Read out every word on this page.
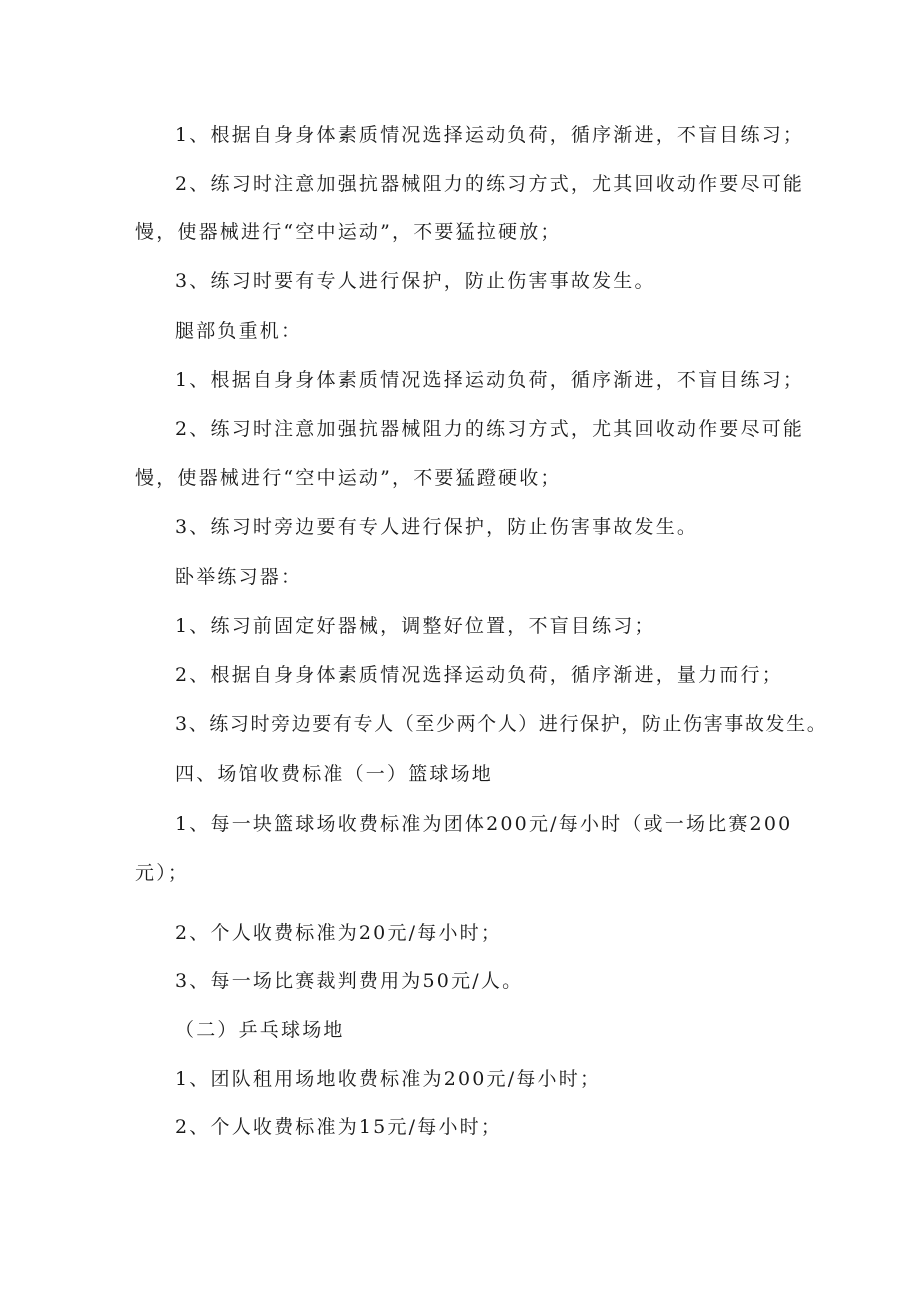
1、根据自身身体素质情况选择运动负荷，循序渐进，不盲目练习；
2、练习时注意加强抗器械阻力的练习方式，尤其回收动作要尽可能
慢，使器械进行“空中运动”，不要猛拉硬放；
3、练习时要有专人进行保护，防止伤害事故发生。
腿部负重机：
1、根据自身身体素质情况选择运动负荷，循序渐进，不盲目练习；
2、练习时注意加强抗器械阻力的练习方式，尤其回收动作要尽可能
慢，使器械进行“空中运动”，不要猛蹬硬收；
3、练习时旁边要有专人进行保护，防止伤害事故发生。
卧举练习器：
1、练习前固定好器械，调整好位置，不盲目练习；
2、根据自身身体素质情况选择运动负荷，循序渐进，量力而行；
3、练习时旁边要有专人（至少两个人）进行保护，防止伤害事故发生。
四、场馆收费标准（一）篮球场地
1、每一块篮球场收费标准为团体200元/每小时（或一场比赛200
元）；
2、个人收费标准为20元/每小时；
3、每一场比赛裁判费用为50元/人。
（二）乒乓球场地
1、团队租用场地收费标准为200元/每小时；
2、个人收费标准为15元/每小时；
